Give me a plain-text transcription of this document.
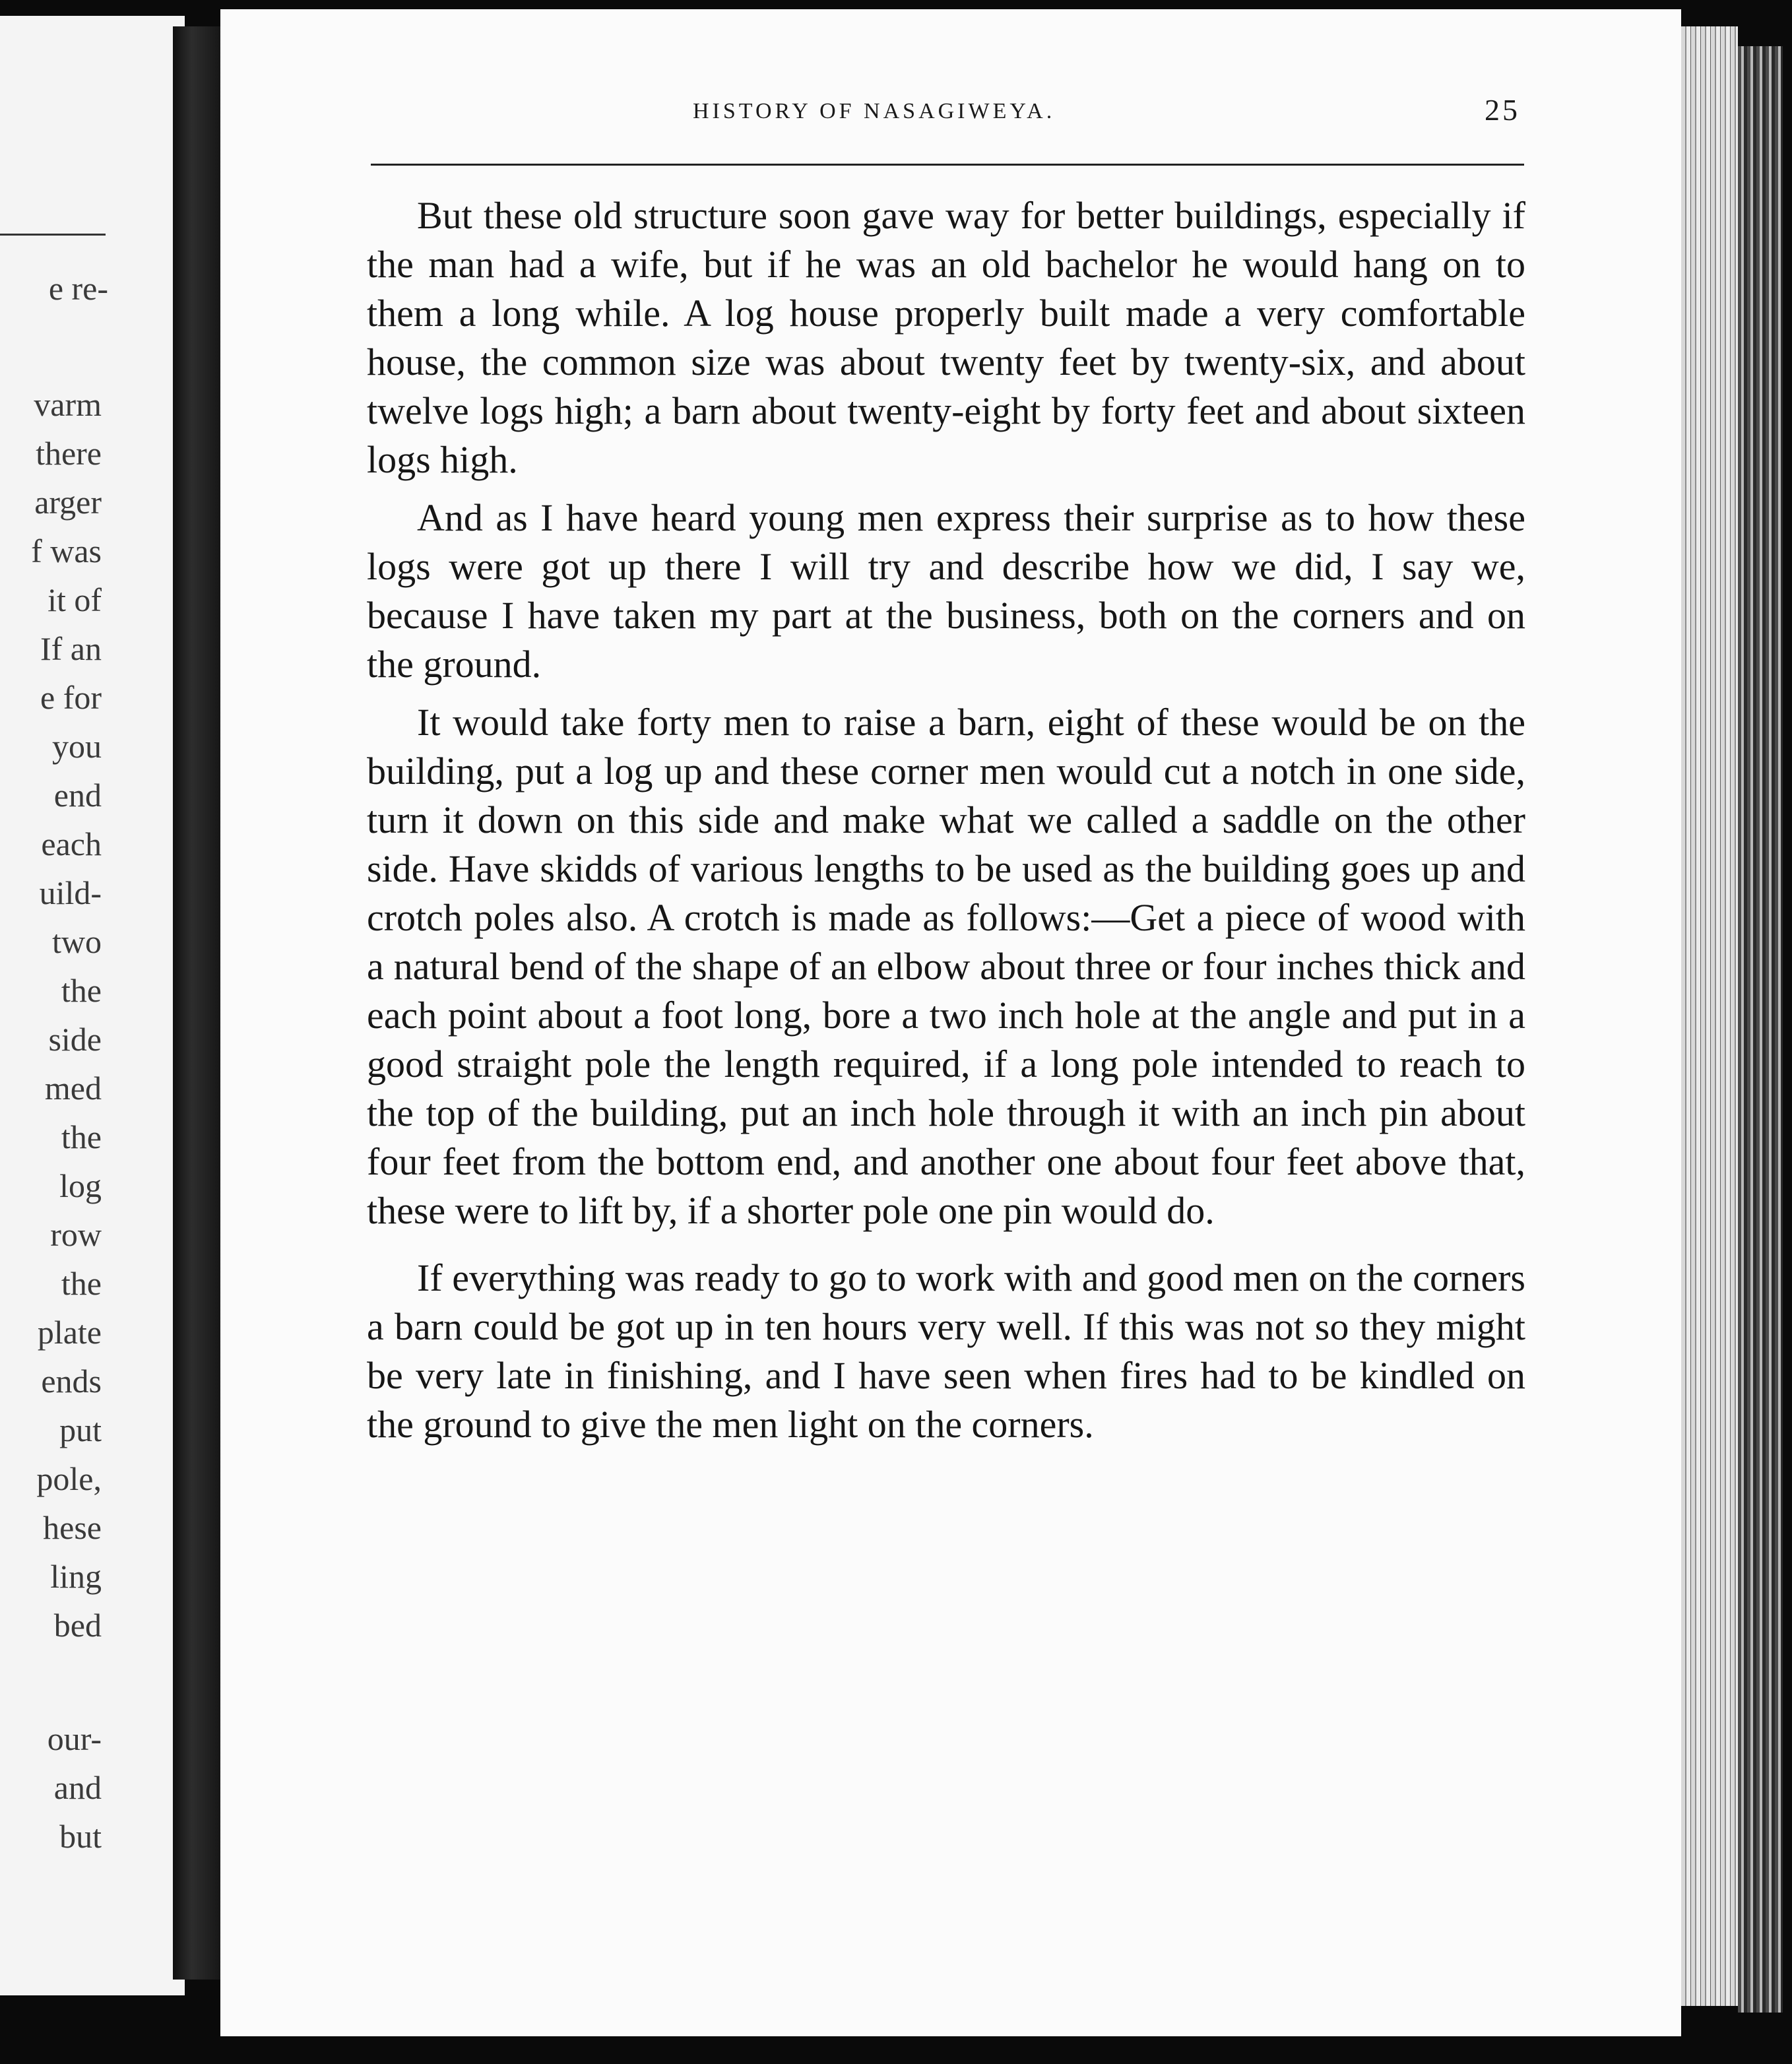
e re-
varm
there
arger
f was
it of
If an
e for
you
end
each
uild-
two
the
side
med
the
log
row
the
plate
ends
put
pole,
hese
ling
bed
our-
and
but
HISTORY OF NASAGIWEYA.	25

But these old structure soon gave way for better buildings, especially if the man had a wife, but if he was an old bachelor he would hang on to them a long while. A log house properly built made a very comfortable house, the common size was about twenty feet by twenty-six, and about twelve logs high; a barn about twenty-eight by forty feet and about sixteen logs high.

And as I have heard young men express their surprise as to how these logs were got up there I will try and describe how we did, I say we, because I have taken my part at the business, both on the corners and on the ground.

It would take forty men to raise a barn, eight of these would be on the building, put a log up and these corner men would cut a notch in one side, turn it down on this side and make what we called a saddle on the other side. Have skidds of various lengths to be used as the building goes up and crotch poles also. A crotch is made as follows:—Get a piece of wood with a natural bend of the shape of an elbow about three or four inches thick and each point about a foot long, bore a two inch hole at the angle and put in a good straight pole the length required, if a long pole intended to reach to the top of the building, put an inch hole through it with an inch pin about four feet from the bottom end, and another one about four feet above that, these were to lift by, if a shorter pole one pin would do.

If everything was ready to go to work with and good men on the corners a barn could be got up in ten hours very well. If this was not so they might be very late in finishing, and I have seen when fires had to be kindled on the ground to give the men light on the corners.
